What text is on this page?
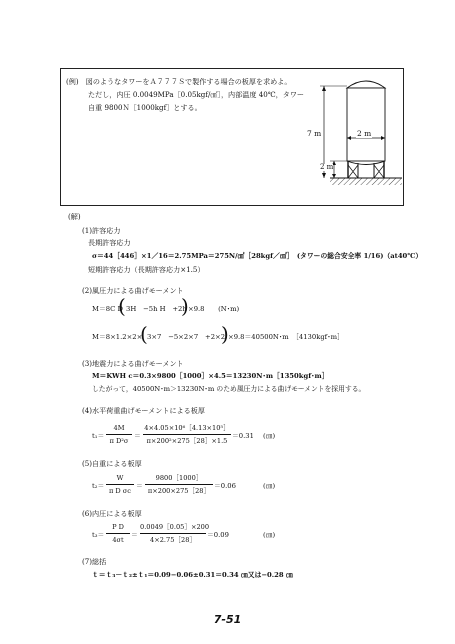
(例)　図のようなタワーをＡ７７７Ｓで製作する場合の板厚を求めよ。
ただし，内圧 0.0049MPa［0.05kgf/㎠］，内部温度 40℃，タワー
自重 9800Ｎ［1000kgf］とする。
7 m	2 m
2 m
(解)
(1)許容応力
長期許容応力
σ＝44［446］×1／16＝2.75MPa＝275N/㎠［28kgf／㎠］　(タワーの総合安全率 1/16)（at40℃）
短期許容応力（長期許容応力×1.5）
(2)風圧力による曲げモーメント
M＝8C D
( 3H　−5h H　+2h
) ×9.8　　(N･m)
M＝8×1.2×2×
( 3×7　−5×2×7　+2×2
) ×9.8＝40500N･m　［4130kgf･m］
(3)地震力による曲げモーメント
M＝KWH c＝0.3×9800［1000］×4.5＝13230N･m［1350kgf･m］
したがって，40500N･m＞13230N･m のため風圧力による曲げモーメントを採用する。
(4)水平荷重曲げモーメントによる板厚
t₁＝
4M
π D²σ
＝
4×4.05×10⁶［4.13×10⁵］
π×200²×275［28］×1.5
＝0.31 (㎝)
(5)自重による板厚
t₂＝
W
π D σc
＝
9800［1000］
π×200×275［28］
＝0.06	(㎝)
(6)内圧による板厚
t₃＝
P D
4σt
＝
0.0049［0.05］×200
4×2.75［28］
＝0.09	(㎝)
(7)総括
ｔ＝ｔ₃－ｔ₂±ｔ₁＝0.09−0.06±0.31＝0.34 ㎝又は−0.28 ㎝
7-51
